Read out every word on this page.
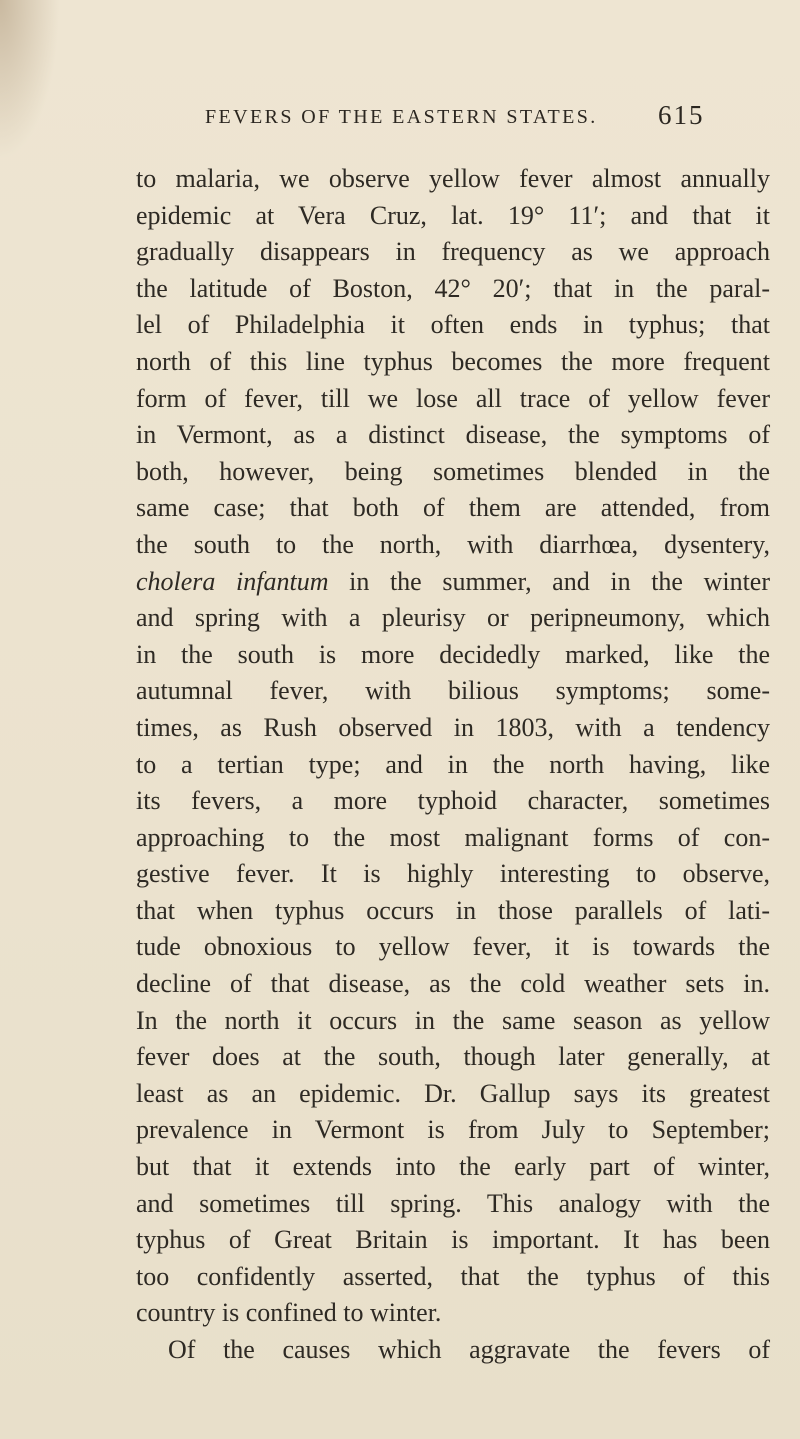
FEVERS OF THE EASTERN STATES. 615
to malaria, we observe yellow fever almost annually
epidemic at Vera Cruz, lat. 19° 11′; and that it
gradually disappears in frequency as we approach
the latitude of Boston, 42° 20′; that in the paral-
lel of Philadelphia it often ends in typhus; that
north of this line typhus becomes the more frequent
form of fever, till we lose all trace of yellow fever
in Vermont, as a distinct disease, the symptoms of
both, however, being sometimes blended in the
same case; that both of them are attended, from
the south to the north, with diarrhœa, dysentery,
cholera infantum in the summer, and in the winter
and spring with a pleurisy or peripneumony, which
in the south is more decidedly marked, like the
autumnal fever, with bilious symptoms; some-
times, as Rush observed in 1803, with a tendency
to a tertian type; and in the north having, like
its fevers, a more typhoid character, sometimes
approaching to the most malignant forms of con-
gestive fever. It is highly interesting to observe,
that when typhus occurs in those parallels of lati-
tude obnoxious to yellow fever, it is towards the
decline of that disease, as the cold weather sets in.
In the north it occurs in the same season as yellow
fever does at the south, though later generally, at
least as an epidemic. Dr. Gallup says its greatest
prevalence in Vermont is from July to September;
but that it extends into the early part of winter,
and sometimes till spring. This analogy with the
typhus of Great Britain is important. It has been
too confidently asserted, that the typhus of this
country is confined to winter.
Of the causes which aggravate the fevers of
